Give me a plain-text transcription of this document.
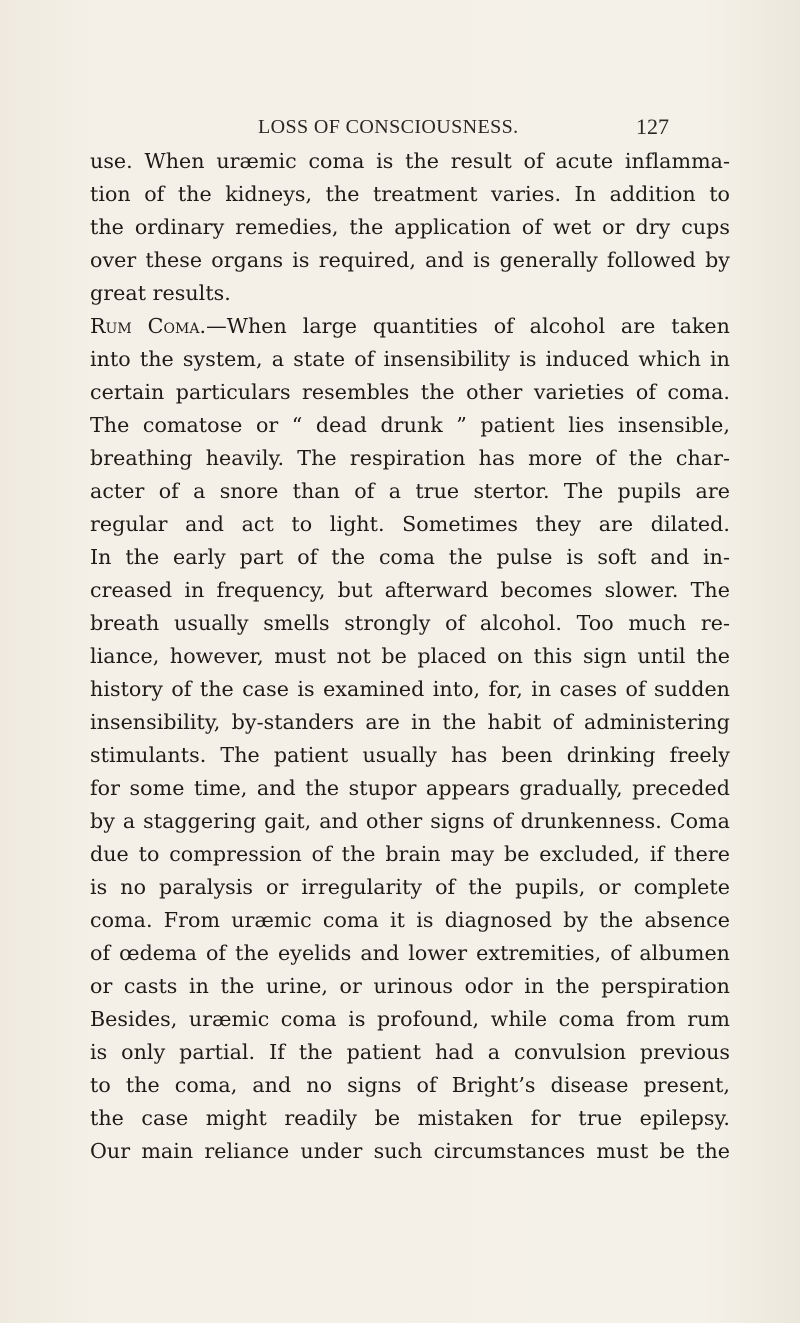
LOSS OF CONSCIOUSNESS.	127
use. When uræmic coma is the result of acute inflamma-
tion of the kidneys, the treatment varies. In addition to
the ordinary remedies, the application of wet or dry cups
over these organs is required, and is generally followed by
great results.
Rum Coma.—When large quantities of alcohol are taken
into the system, a state of insensibility is induced which in
certain particulars resembles the other varieties of coma.
The comatose or “ dead drunk ” patient lies insensible,
breathing heavily. The respiration has more of the char-
acter of a snore than of a true stertor. The pupils are
regular and act to light. Sometimes they are dilated.
In the early part of the coma the pulse is soft and in-
creased in frequency, but afterward becomes slower. The
breath usually smells strongly of alcohol. Too much re-
liance, however, must not be placed on this sign until the
history of the case is examined into, for, in cases of sudden
insensibility, by-standers are in the habit of administering
stimulants. The patient usually has been drinking freely
for some time, and the stupor appears gradually, preceded
by a staggering gait, and other signs of drunkenness. Coma
due to compression of the brain may be excluded, if there
is no paralysis or irregularity of the pupils, or complete
coma. From uræmic coma it is diagnosed by the absence
of œdema of the eyelids and lower extremities, of albumen
or casts in the urine, or urinous odor in the perspiration
Besides, uræmic coma is profound, while coma from rum
is only partial. If the patient had a convulsion previous
to the coma, and no signs of Bright’s disease present,
the case might readily be mistaken for true epilepsy.
Our main reliance under such circumstances must be the
